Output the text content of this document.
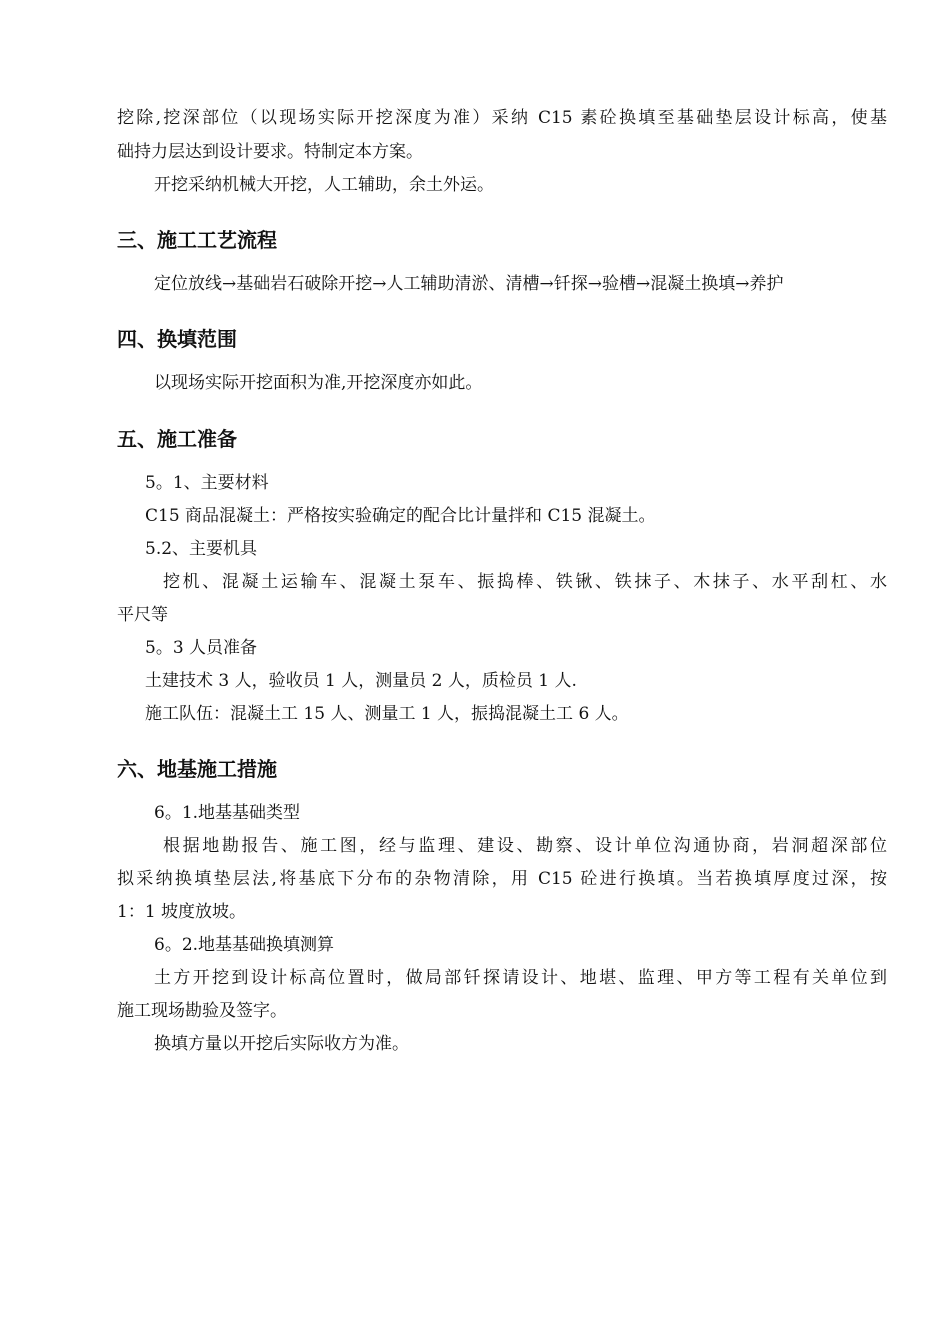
挖除,挖深部位（以现场实际开挖深度为准）采纳 C15 素砼换填至基础垫层设计标高，使基
础持力层达到设计要求。特制定本方案。
开挖采纳机械大开挖，人工辅助，余土外运。
三、施工工艺流程
定位放线→基础岩石破除开挖→人工辅助清淤、清槽→钎探→验槽→混凝土换填→养护
四、换填范围
以现场实际开挖面积为准,开挖深度亦如此。
五、施工准备
5。1、主要材料
C15 商品混凝土：严格按实验确定的配合比计量拌和 C15 混凝土。
5.2、主要机具
挖机、混凝土运输车、混凝土泵车、振捣棒、铁锹、铁抹子、木抹子、水平刮杠、水
平尺等
5。3 人员准备
土建技术 3 人，验收员 1 人，测量员 2 人，质检员 1 人.
施工队伍：混凝土工 15 人、测量工 1 人，振捣混凝土工 6 人。
六、地基施工措施
6。1.地基基础类型
根据地勘报告、施工图，经与监理、建设、勘察、设计单位沟通协商，岩洞超深部位
拟采纳换填垫层法,将基底下分布的杂物清除，用 C15 砼进行换填。当若换填厚度过深，按
1：1 坡度放坡。
6。2.地基基础换填测算
土方开挖到设计标高位置时，做局部钎探请设计、地堪、监理、甲方等工程有关单位到
施工现场勘验及签字。
换填方量以开挖后实际收方为准。
